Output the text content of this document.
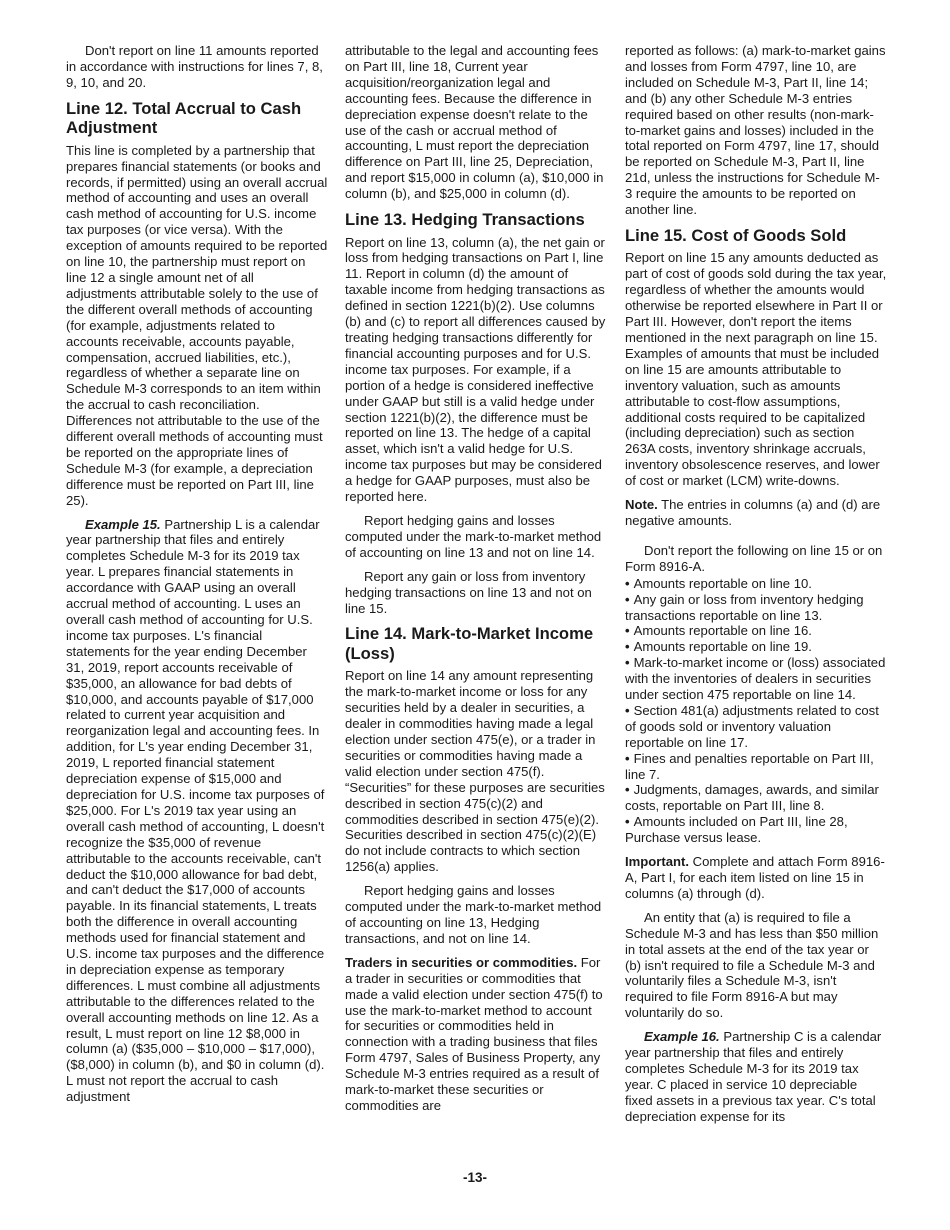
Don't report on line 11 amounts reported in accordance with instructions for lines 7, 8, 9, 10, and 20.

Line 12. Total Accrual to Cash Adjustment

This line is completed by a partnership that prepares financial statements (or books and records, if permitted) using an overall accrual method of accounting and uses an overall cash method of accounting for U.S. income tax purposes (or vice versa). With the exception of amounts required to be reported on line 10, the partnership must report on line 12 a single amount net of all adjustments attributable solely to the use of the different overall methods of accounting (for example, adjustments related to accounts receivable, accounts payable, compensation, accrued liabilities, etc.), regardless of whether a separate line on Schedule M-3 corresponds to an item within the accrual to cash reconciliation. Differences not attributable to the use of the different overall methods of accounting must be reported on the appropriate lines of Schedule M-3 (for example, a depreciation difference must be reported on Part III, line 25).

Example 15. Partnership L is a calendar year partnership that files and entirely completes Schedule M-3 for its 2019 tax year. L prepares financial statements in accordance with GAAP using an overall accrual method of accounting. L uses an overall cash method of accounting for U.S. income tax purposes. L's financial statements for the year ending December 31, 2019, report accounts receivable of $35,000, an allowance for bad debts of $10,000, and accounts payable of $17,000 related to current year acquisition and reorganization legal and accounting fees. In addition, for L's year ending December 31, 2019, L reported financial statement depreciation expense of $15,000 and depreciation for U.S. income tax purposes of $25,000. For L's 2019 tax year using an overall cash method of accounting, L doesn't recognize the $35,000 of revenue attributable to the accounts receivable, can't deduct the $10,000 allowance for bad debt, and can't deduct the $17,000 of accounts payable. In its financial statements, L treats both the difference in overall accounting methods used for financial statement and U.S. income tax purposes and the difference in depreciation expense as temporary differences. L must combine all adjustments attributable to the differences related to the overall accounting methods on line 12. As a result, L must report on line 12 $8,000 in column (a) ($35,000 – $10,000 – $17,000), ($8,000) in column (b), and $0 in column (d). L must not report the accrual to cash adjustment

attributable to the legal and accounting fees on Part III, line 18, Current year acquisition/reorganization legal and accounting fees. Because the difference in depreciation expense doesn't relate to the use of the cash or accrual method of accounting, L must report the depreciation difference on Part III, line 25, Depreciation, and report $15,000 in column (a), $10,000 in column (b), and $25,000 in column (d).

Line 13. Hedging Transactions

Report on line 13, column (a), the net gain or loss from hedging transactions on Part I, line 11. Report in column (d) the amount of taxable income from hedging transactions as defined in section 1221(b)(2). Use columns (b) and (c) to report all differences caused by treating hedging transactions differently for financial accounting purposes and for U.S. income tax purposes. For example, if a portion of a hedge is considered ineffective under GAAP but still is a valid hedge under section 1221(b)(2), the difference must be reported on line 13. The hedge of a capital asset, which isn't a valid hedge for U.S. income tax purposes but may be considered a hedge for GAAP purposes, must also be reported here.

Report hedging gains and losses computed under the mark-to-market method of accounting on line 13 and not on line 14.

Report any gain or loss from inventory hedging transactions on line 13 and not on line 15.

Line 14. Mark-to-Market Income (Loss)

Report on line 14 any amount representing the mark-to-market income or loss for any securities held by a dealer in securities, a dealer in commodities having made a legal election under section 475(e), or a trader in securities or commodities having made a valid election under section 475(f). “Securities” for these purposes are securities described in section 475(c)(2) and commodities described in section 475(e)(2). Securities described in section 475(c)(2)(E) do not include contracts to which section 1256(a) applies.

Report hedging gains and losses computed under the mark-to-market method of accounting on line 13, Hedging transactions, and not on line 14.

Traders in securities or commodities. For a trader in securities or commodities that made a valid election under section 475(f) to use the mark-to-market method to account for securities or commodities held in connection with a trading business that files Form 4797, Sales of Business Property, any Schedule M-3 entries required as a result of mark-to-market these securities or commodities are

reported as follows: (a) mark-to-market gains and losses from Form 4797, line 10, are included on Schedule M-3, Part II, line 14; and (b) any other Schedule M-3 entries required based on other results (non-mark-to-market gains and losses) included in the total reported on Form 4797, line 17, should be reported on Schedule M-3, Part II, line 21d, unless the instructions for Schedule M-3 require the amounts to be reported on another line.

Line 15. Cost of Goods Sold

Report on line 15 any amounts deducted as part of cost of goods sold during the tax year, regardless of whether the amounts would otherwise be reported elsewhere in Part II or Part III. However, don't report the items mentioned in the next paragraph on line 15. Examples of amounts that must be included on line 15 are amounts attributable to inventory valuation, such as amounts attributable to cost-flow assumptions, additional costs required to be capitalized (including depreciation) such as section 263A costs, inventory shrinkage accruals, inventory obsolescence reserves, and lower of cost or market (LCM) write-downs.

Note. The entries in columns (a) and (d) are negative amounts.

Don't report the following on line 15 or on Form 8916-A.

• Amounts reportable on line 10.
• Any gain or loss from inventory hedging transactions reportable on line 13.
• Amounts reportable on line 16.
• Amounts reportable on line 19.
• Mark-to-market income or (loss) associated with the inventories of dealers in securities under section 475 reportable on line 14.
• Section 481(a) adjustments related to cost of goods sold or inventory valuation reportable on line 17.
• Fines and penalties reportable on Part III, line 7.
• Judgments, damages, awards, and similar costs, reportable on Part III, line 8.
• Amounts included on Part III, line 28, Purchase versus lease.

Important. Complete and attach Form 8916-A, Part I, for each item listed on line 15 in columns (a) through (d).

An entity that (a) is required to file a Schedule M-3 and has less than $50 million in total assets at the end of the tax year or (b) isn't required to file a Schedule M-3 and voluntarily files a Schedule M-3, isn't required to file Form 8916-A but may voluntarily do so.

Example 16. Partnership C is a calendar year partnership that files and entirely completes Schedule M-3 for its 2019 tax year. C placed in service 10 depreciable fixed assets in a previous tax year. C's total depreciation expense for its

-13-
